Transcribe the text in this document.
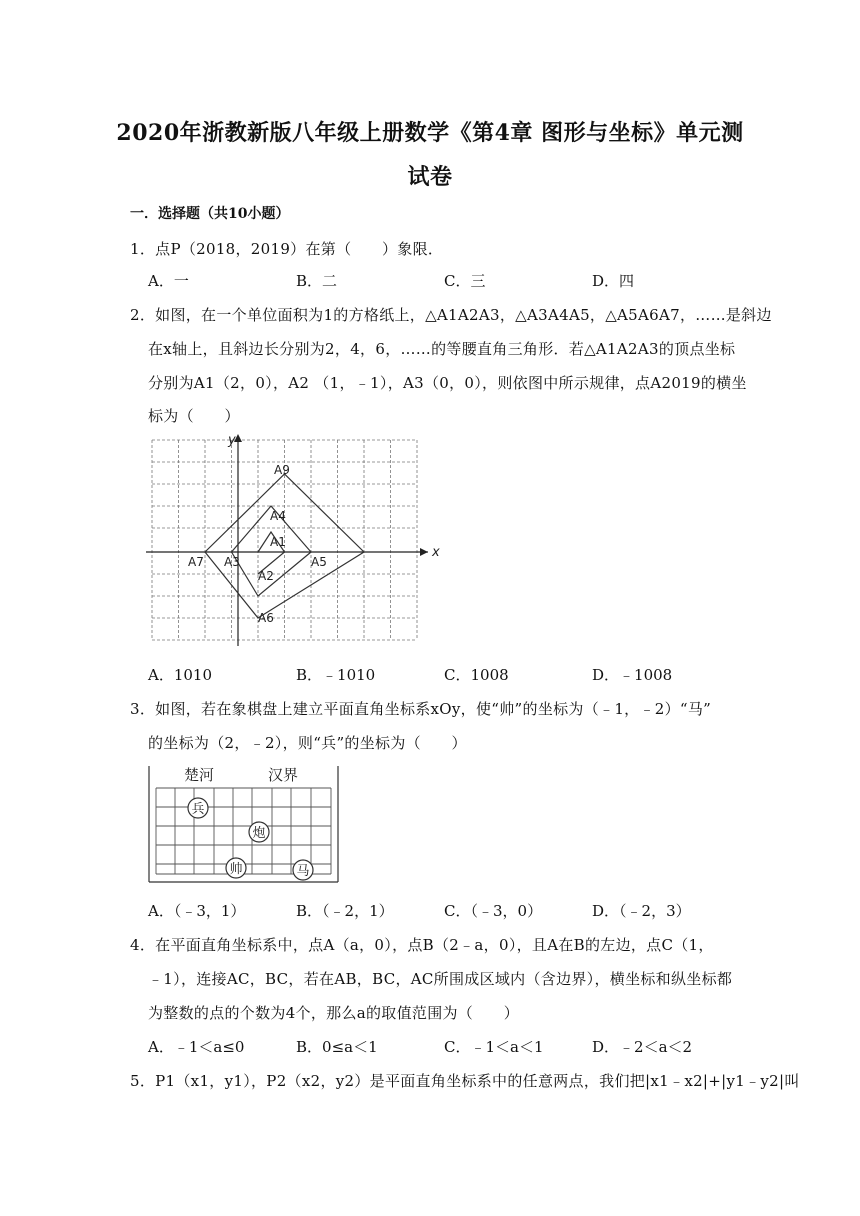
2020年浙教新版八年级上册数学《第4章 图形与坐标》单元测
试卷
一．选择题（共10小题）
1．点P（2018，2019）在第（　　）象限．
A．一	B．二	C．三	D．四
2．如图，在一个单位面积为1的方格纸上，△A1A2A3，△A3A4A5，△A5A6A7，……是斜边
在x轴上，且斜边长分别为2，4，6，……的等腰直角三角形．若△A1A2A3的顶点坐标
分别为A1（2，0），A2 （1，﹣1），A3（0，0），则依图中所示规律，点A2019的横坐
标为（　　）
x
y
A9
A4
A1
A7 A3
A2
A5
A6
A．1010	B．﹣1010	C．1008	D．﹣1008
3．如图，若在象棋盘上建立平面直角坐标系xOy，使“帅”的坐标为（﹣1，﹣2）“马”
的坐标为（2，﹣2），则“兵”的坐标为（　　）
楚河	汉界
兵
炮
帅	马
A．（﹣3，1）	B．（﹣2，1）	C．（﹣3，0）	D．（﹣2，3）
4．在平面直角坐标系中，点A（a，0），点B（2﹣a，0），且A在B的左边，点C（1，
﹣1），连接AC，BC，若在AB，BC，AC所围成区域内（含边界），横坐标和纵坐标都
为整数的点的个数为4个，那么a的取值范围为（　　）
A．﹣1＜a≤0	B．0≤a＜1	C．﹣1＜a＜1	D．﹣2＜a＜2
5．P1（x1，y1），P2（x2，y2）是平面直角坐标系中的任意两点，我们把|x1﹣x2|+|y1﹣y2|叫
